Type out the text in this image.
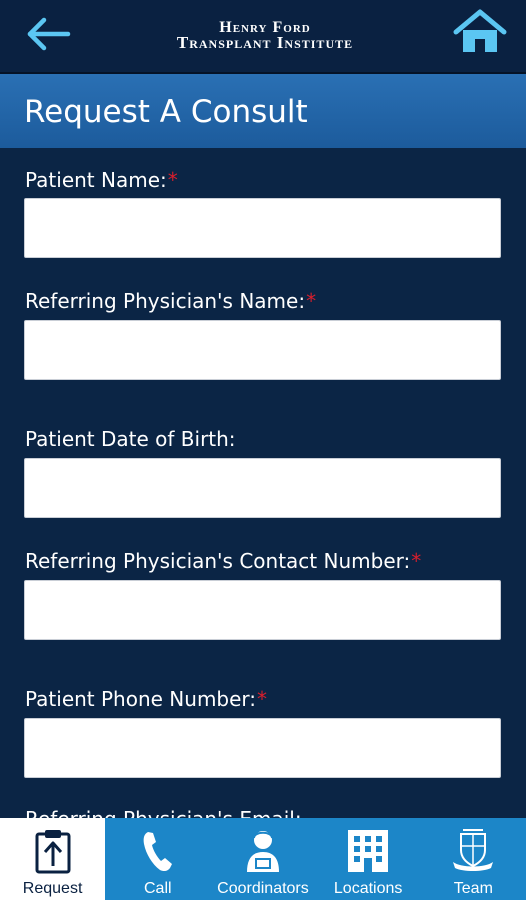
Henry Ford
Transplant Institute
Request A Consult
Patient Name:*
Referring Physician's Name:*
Patient Date of Birth:
Referring Physician's Contact Number:*
Patient Phone Number:*
Request	Call	Coordinators	Locations	Team
